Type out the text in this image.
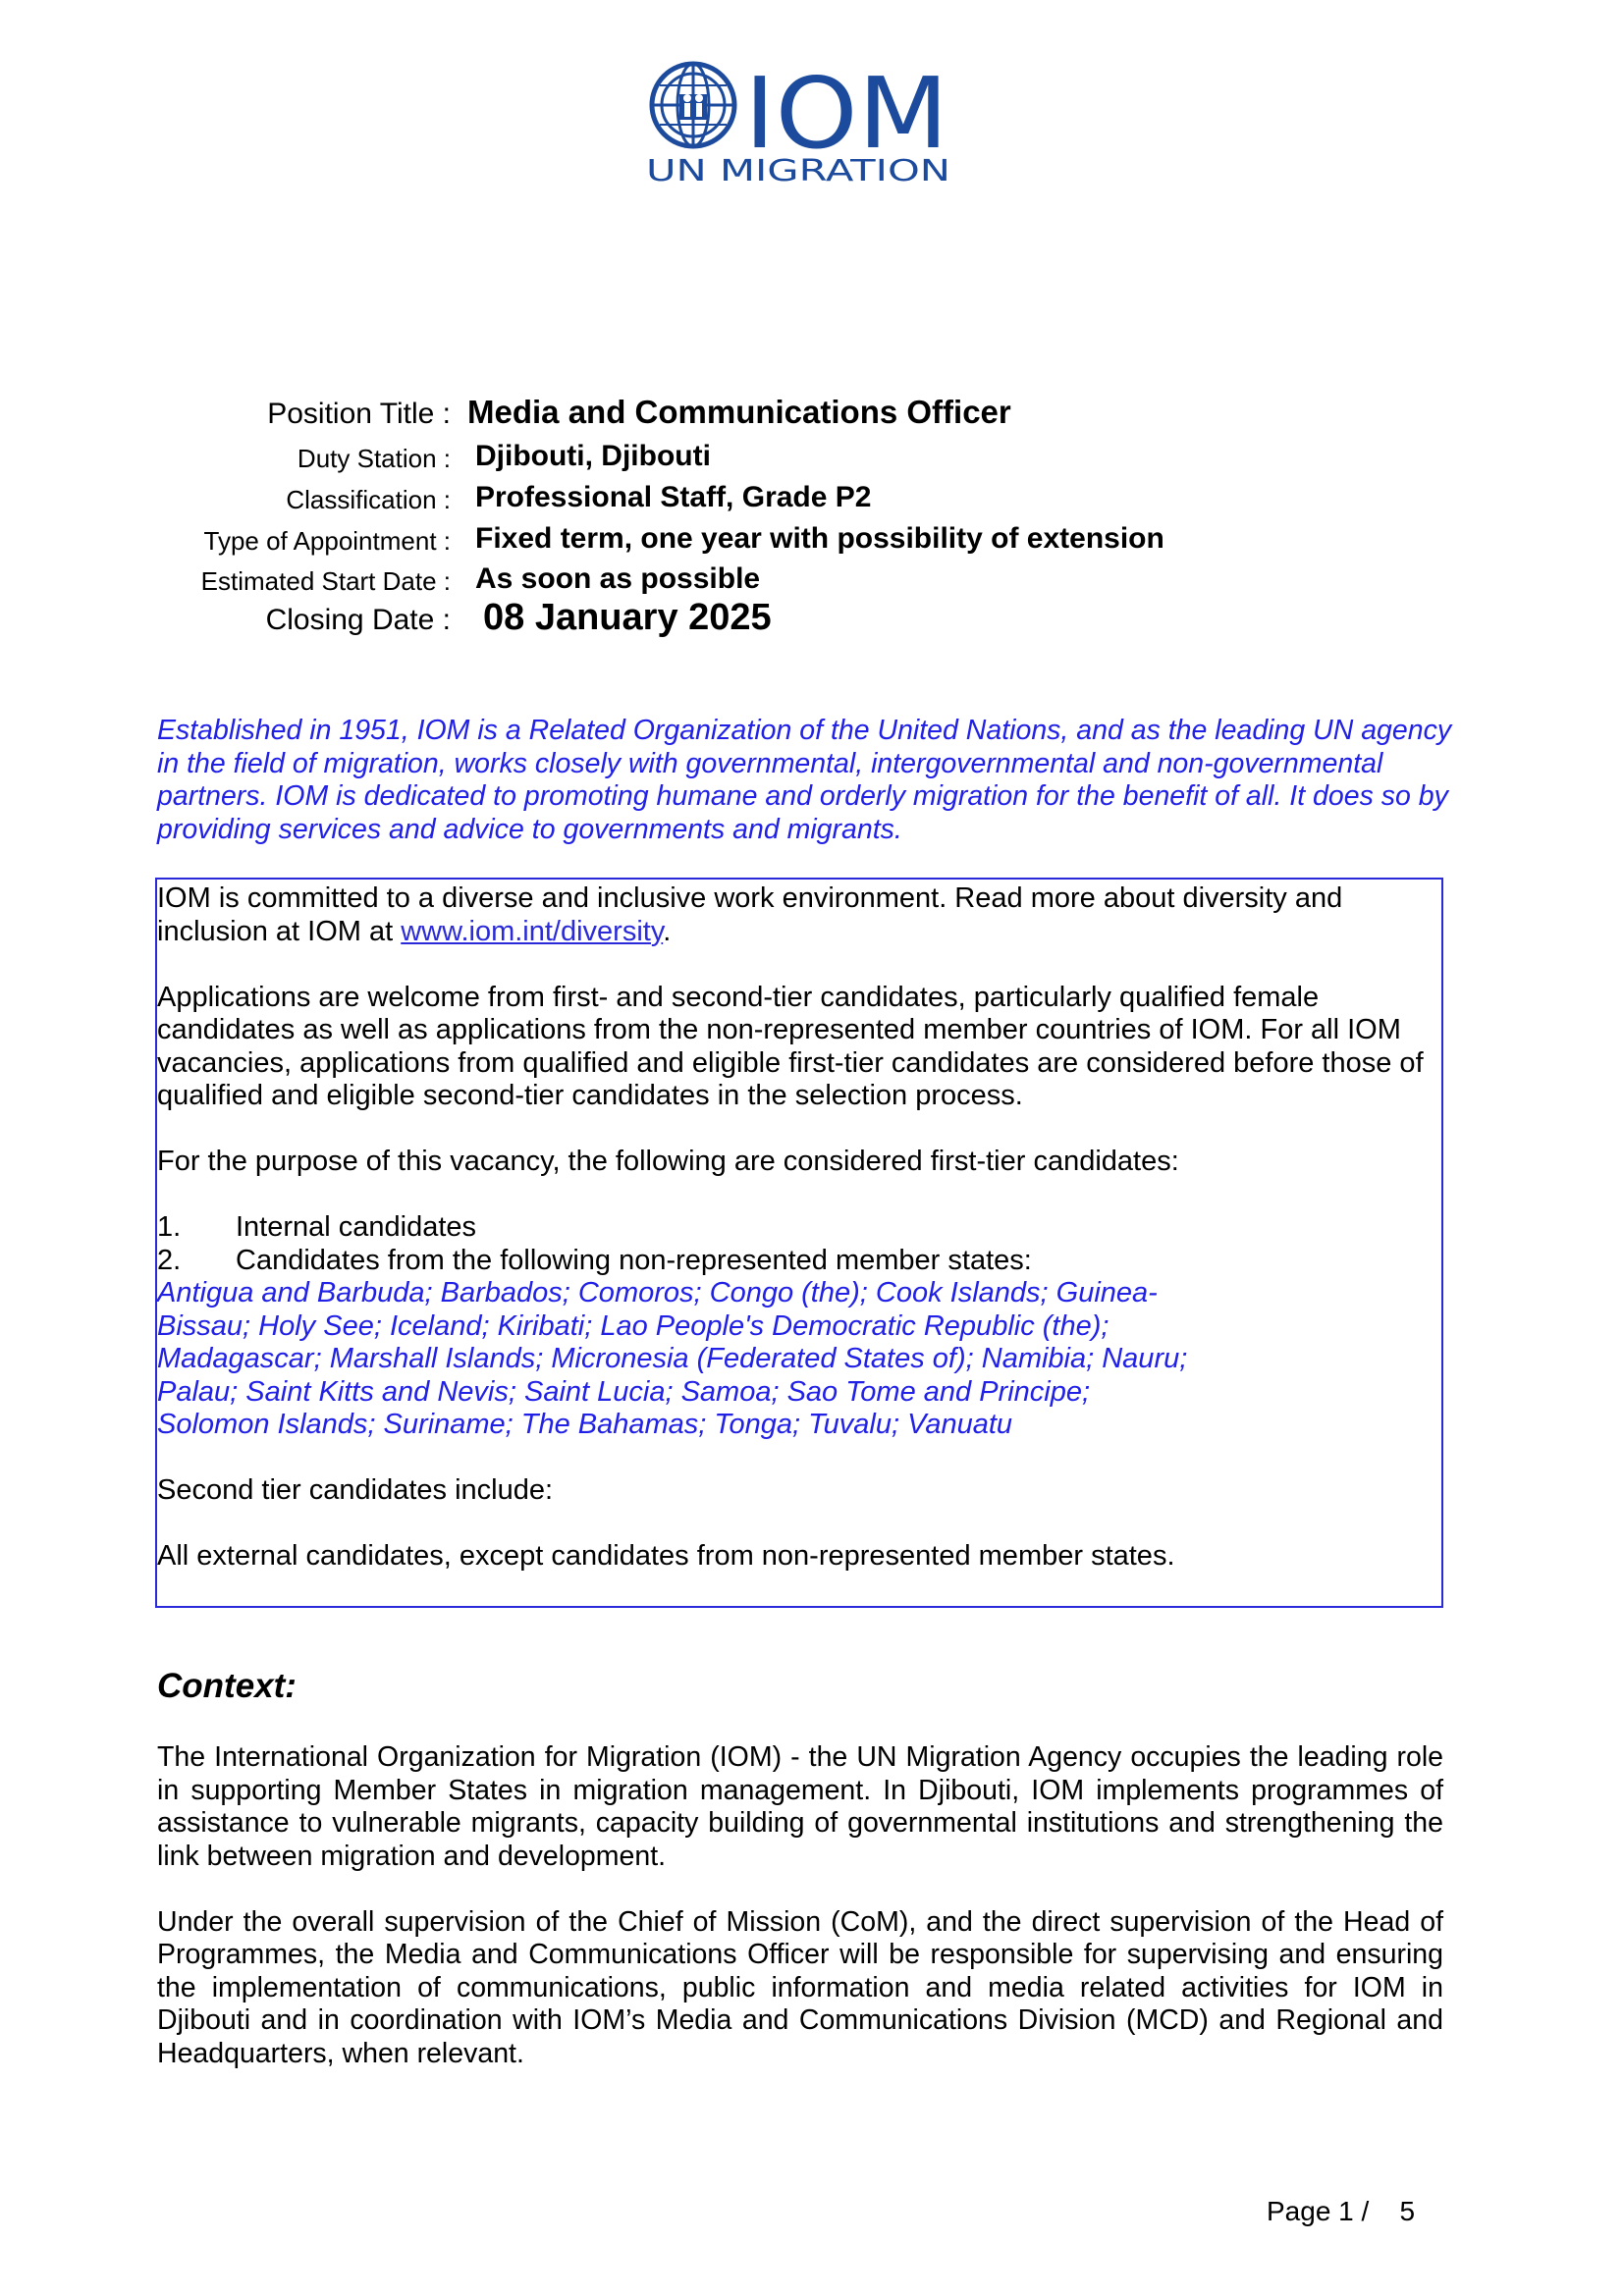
IOM
UN MIGRATION
Position Title : Media and Communications Officer
Duty Station : Djibouti, Djibouti
Classification : Professional Staff, Grade P2
Type of Appointment : Fixed term, one year with possibility of extension
Estimated Start Date : As soon as possible
Closing Date : 08 January 2025
Established in 1951, IOM is a Related Organization of the United Nations, and as the leading UN agency in the field of migration, works closely with governmental, intergovernmental and non-governmental partners. IOM is dedicated to promoting humane and orderly migration for the benefit of all. It does so by providing services and advice to governments and migrants.

IOM is committed to a diverse and inclusive work environment. Read more about diversity and inclusion at IOM at www.iom.int/diversity.

Applications are welcome from first- and second-tier candidates, particularly qualified female candidates as well as applications from the non-represented member countries of IOM. For all IOM vacancies, applications from qualified and eligible first-tier candidates are considered before those of qualified and eligible second-tier candidates in the selection process.

For the purpose of this vacancy, the following are considered first-tier candidates:

1. Internal candidates
2. Candidates from the following non-represented member states:
Antigua and Barbuda; Barbados; Comoros; Congo (the); Cook Islands; Guinea-Bissau; Holy See; Iceland; Kiribati; Lao People's Democratic Republic (the); Madagascar; Marshall Islands; Micronesia (Federated States of); Namibia; Nauru; Palau; Saint Kitts and Nevis; Saint Lucia; Samoa; Sao Tome and Principe; Solomon Islands; Suriname; The Bahamas; Tonga; Tuvalu; Vanuatu

Second tier candidates include:

All external candidates, except candidates from non-represented member states.

Context:

The International Organization for Migration (IOM) - the UN Migration Agency occupies the leading role in supporting Member States in migration management. In Djibouti, IOM implements programmes of assistance to vulnerable migrants, capacity building of governmental institutions and strengthening the link between migration and development.

Under the overall supervision of the Chief of Mission (CoM), and the direct supervision of the Head of Programmes, the Media and Communications Officer will be responsible for supervising and ensuring the implementation of communications, public information and media related activities for IOM in Djibouti and in coordination with IOM’s Media and Communications Division (MCD) and Regional and Headquarters, when relevant.

Page 1 / 5
